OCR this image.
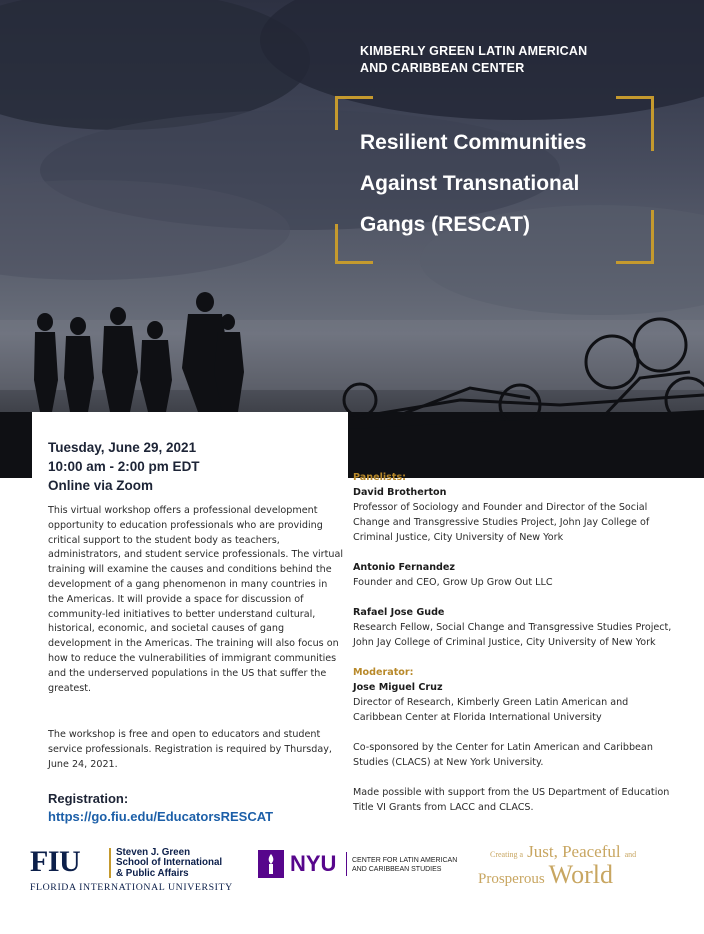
KIMBERLY GREEN LATIN AMERICAN
AND CARIBBEAN CENTER
Resilient Communities
Against Transnational
Gangs (RESCAT)
Tuesday, June 29, 2021
10:00 am - 2:00 pm EDT
Online via Zoom

This virtual workshop offers a professional development opportunity to education professionals who are providing critical support to the student body as teachers, administrators, and student service professionals. The virtual training will examine the causes and conditions behind the development of a gang phenomenon in many countries in the Americas. It will provide a space for discussion of community-led initiatives to better understand cultural, historical, economic, and societal causes of gang development in the Americas. The training will also focus on how to reduce the vulnerabilities of immigrant communities and the underserved populations in the US that suffer the greatest.

The workshop is free and open to educators and student service professionals. Registration is required by Thursday, June 24, 2021.

Registration:
https://go.fiu.edu/EducatorsRESCAT
Panelists:
David Brotherton
Professor of Sociology and Founder and Director of the Social Change and Transgressive Studies Project, John Jay College of Criminal Justice, City University of New York
Antonio Fernandez
Founder and CEO, Grow Up Grow Out LLC
Rafael Jose Gude
Research Fellow, Social Change and Transgressive Studies Project, John Jay College of Criminal Justice, City University of New York
Moderator:
Jose Miguel Cruz
Director of Research, Kimberly Green Latin American and Caribbean Center at Florida International University
Co-sponsored by the Center for Latin American and Caribbean Studies (CLACS) at New York University.
Made possible with support from the US Department of Education Title VI Grants from LACC and CLACS.
FIU	Steven J. Green
School of International
& Public Affairs
FLORIDA INTERNATIONAL UNIVERSITY
NYU CENTER FOR LATIN AMERICAN
AND CARIBBEAN STUDIES
Creating a Just, Peaceful and
Prosperous World
